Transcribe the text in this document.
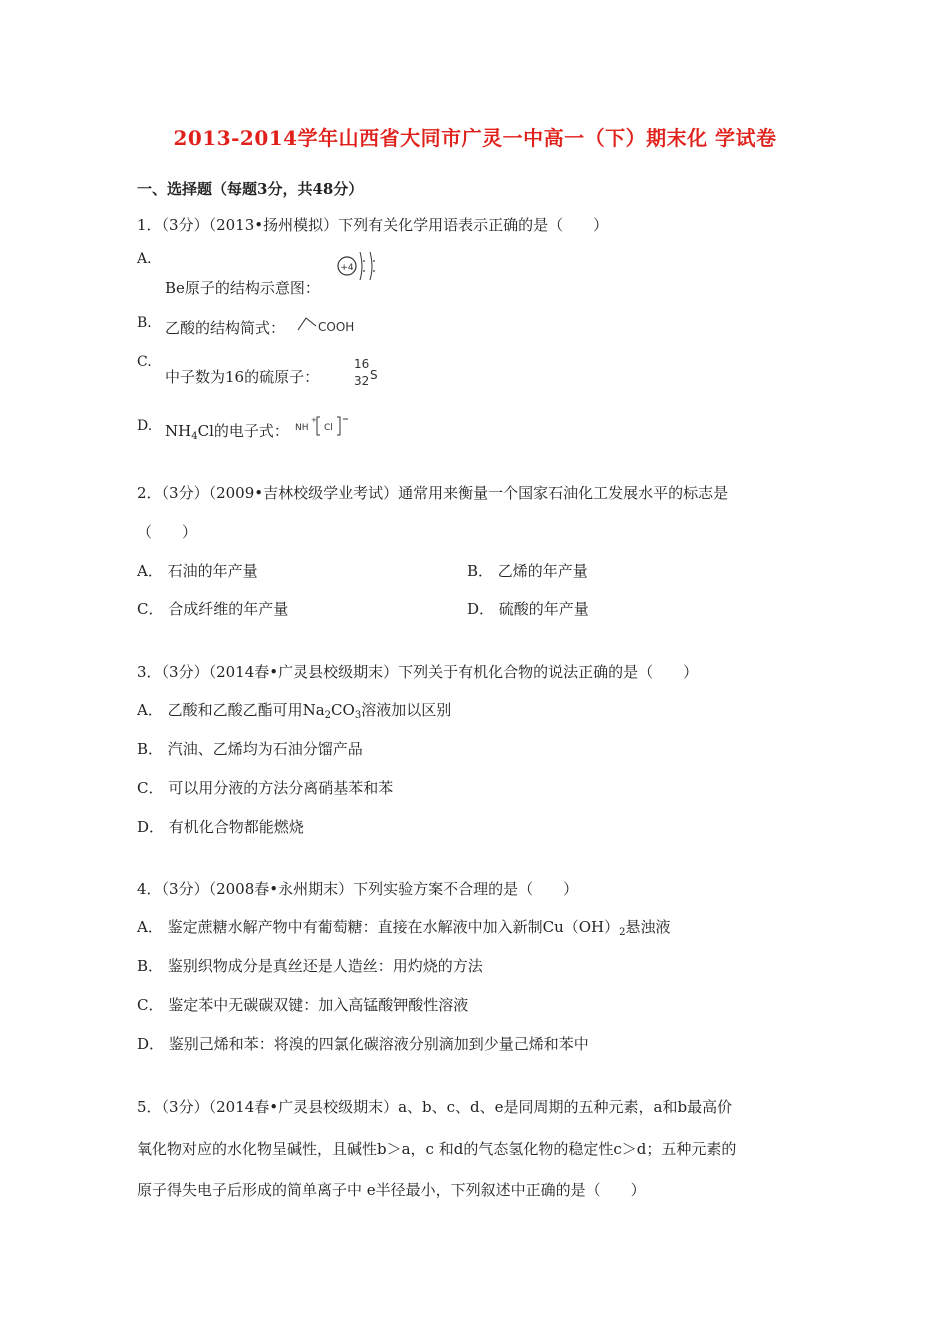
2013-2014学年山西省大同市广灵一中高一（下）期末化 学试卷
一、选择题（每题3分，共48分）
1．（3分）（2013•扬州模拟）下列有关化学用语表示正确的是（　　）
A.
Be原子的结构示意图：
+4
B. 乙酸的结构简式：	COOH
C.
中子数为16的硫原子：
16
32 S
D. $NH_4Cl$的电子式： NH
+
Cl
2．（3分）（2009•吉林校级学业考试）通常用来衡量一个国家石油化工发展水平的标志是
（　　）
A． 石油的年产量	B． 乙烯的年产量
C． 合成纤维的年产量	D． 硫酸的年产量
3．（3分）（2014春•广灵县校级期末）下列关于有机化合物的说法正确的是（　　）
A． 乙酸和乙酸乙酯可用$Na_2CO_3$溶液加以区别
B． 汽油、乙烯均为石油分馏产品
C． 可以用分液的方法分离硝基苯和苯
D． 有机化合物都能燃烧
4．（3分）（2008春•永州期末）下列实验方案不合理的是（　　）
A． 鉴定蔗糖水解产物中有葡萄糖：直接在水解液中加入新制$Cu(OH)_2$悬浊液
B． 鉴别织物成分是真丝还是人造丝：用灼烧的方法
C． 鉴定苯中无碳碳双键：加入高锰酸钾酸性溶液
D． 鉴别己烯和苯：将溴的四氯化碳溶液分别滴加到少量己烯和苯中
5．（3分）（2014春•广灵县校级期末）a、b、c、d、e是同周期的五种元素，a和b最高价
氧化物对应的水化物呈碱性，且碱性b＞a，c 和d的气态氢化物的稳定性c＞d；五种元素的
原子得失电子后形成的简单离子中 e半径最小，下列叙述中正确的是（　　）
